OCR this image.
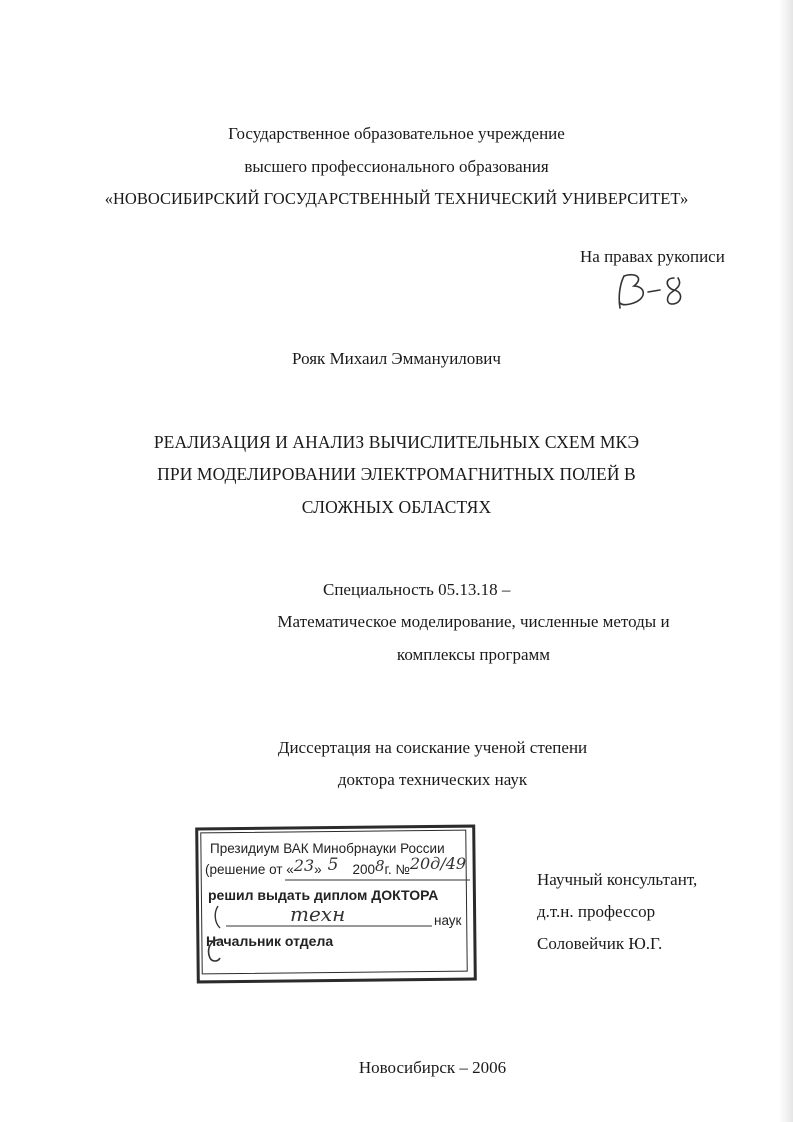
Государственное образовательное учреждение
высшего профессионального образования
«НОВОСИБИРСКИЙ ГОСУДАРСТВЕННЫЙ ТЕХНИЧЕСКИЙ УНИВЕРСИТЕТ»
На правах рукописи
Рояк Михаил Эммануилович
РЕАЛИЗАЦИЯ И АНАЛИЗ ВЫЧИСЛИТЕЛЬНЫХ СХЕМ МКЭ
ПРИ МОДЕЛИРОВАНИИ ЭЛЕКТРОМАГНИТНЫХ ПОЛЕЙ В
СЛОЖНЫХ ОБЛАСТЯХ
Специальность 05.13.18 –
Математическое моделирование, численные методы и
комплексы программ
Диссертация на соискание ученой степени
доктора технических наук
Президиум ВАК Минобрнауки России
(решение от «23» 5 2008г. №20д/49
решил выдать диплом ДОКТОРА
техн	наук
Начальник отдела
Научный консультант,
д.т.н. профессор
Соловейчик Ю.Г.
Новосибирск – 2006
